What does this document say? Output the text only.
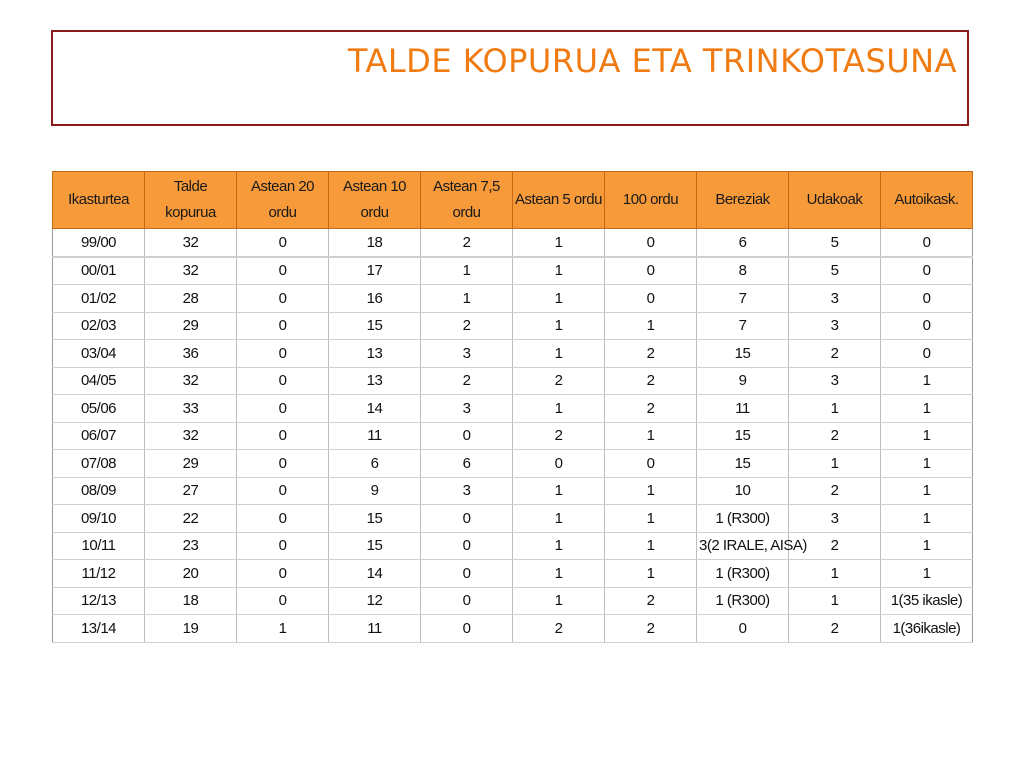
TALDE KOPURUA ETA TRINKOTASUNA
Ikasturtea	Talde kopurua	Astean 20 ordu	Astean 10 ordu	Astean 7,5 ordu	Astean 5 ordu	100 ordu	Bereziak	Udakoak	Autoikask.
99/00	32	0	18	2	1	0	6	5	0
00/01	32	0	17	1	1	0	8	5	0
01/02	28	0	16	1	1	0	7	3	0
02/03	29	0	15	2	1	1	7	3	0
03/04	36	0	13	3	1	2	15	2	0
04/05	32	0	13	2	2	2	9	3	1
05/06	33	0	14	3	1	2	11	1	1
06/07	32	0	11	0	2	1	15	2	1
07/08	29	0	6	6	0	0	15	1	1
08/09	27	0	9	3	1	1	10	2	1
09/10	22	0	15	0	1	1	1 (R300)	3	1
10/11	23	0	15	0	1	1	3(2 IRALE, AISA)	2	1
11/12	20	0	14	0	1	1	1 (R300)	1	1
12/13	18	0	12	0	1	2	1 (R300)	1	1(35 ikasle)
13/14	19	1	11	0	2	2	0	2	1(36ikasle)
